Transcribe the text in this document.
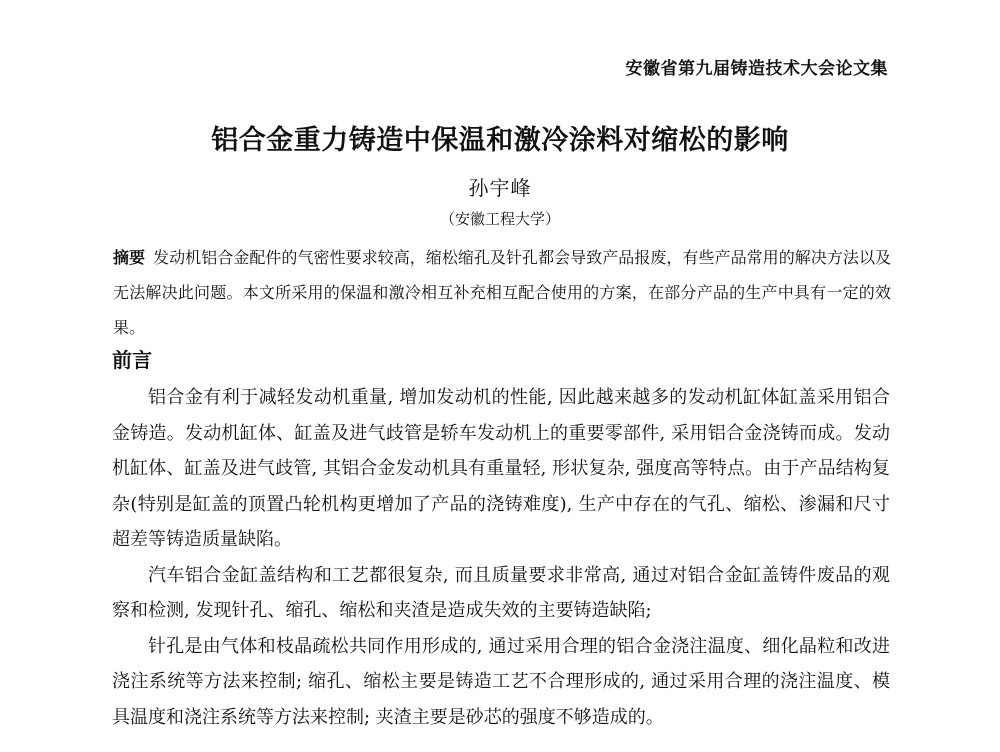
安徽省第九届铸造技术大会论文集
铝合金重力铸造中保温和激冷涂料对缩松的影响
孙宇峰
（安徽工程大学）
摘要 发动机铝合金配件的气密性要求较高，缩松缩孔及针孔都会导致产品报废，有些产品常用的解决方法以及无法解决此问题。本文所采用的保温和激冷相互补充相互配合使用的方案，在部分产品的生产中具有一定的效果。
前言

铝合金有利于减轻发动机重量, 增加发动机的性能, 因此越来越多的发动机缸体缸盖采用铝合金铸造。发动机缸体、缸盖及进气歧管是轿车发动机上的重要零部件, 采用铝合金浇铸而成。发动机缸体、缸盖及进气歧管, 其铝合金发动机具有重量轻, 形状复杂, 强度高等特点。由于产品结构复杂(特别是缸盖的顶置凸轮机构更增加了产品的浇铸难度), 生产中存在的气孔、缩松、渗漏和尺寸超差等铸造质量缺陷。

汽车铝合金缸盖结构和工艺都很复杂, 而且质量要求非常高, 通过对铝合金缸盖铸件废品的观察和检测, 发现针孔、缩孔、缩松和夹渣是造成失效的主要铸造缺陷;

针孔是由气体和枝晶疏松共同作用形成的, 通过采用合理的铝合金浇注温度、细化晶粒和改进浇注系统等方法来控制; 缩孔、缩松主要是铸造工艺不合理形成的, 通过采用合理的浇注温度、模具温度和浇注系统等方法来控制; 夹渣主要是砂芯的强度不够造成的。
